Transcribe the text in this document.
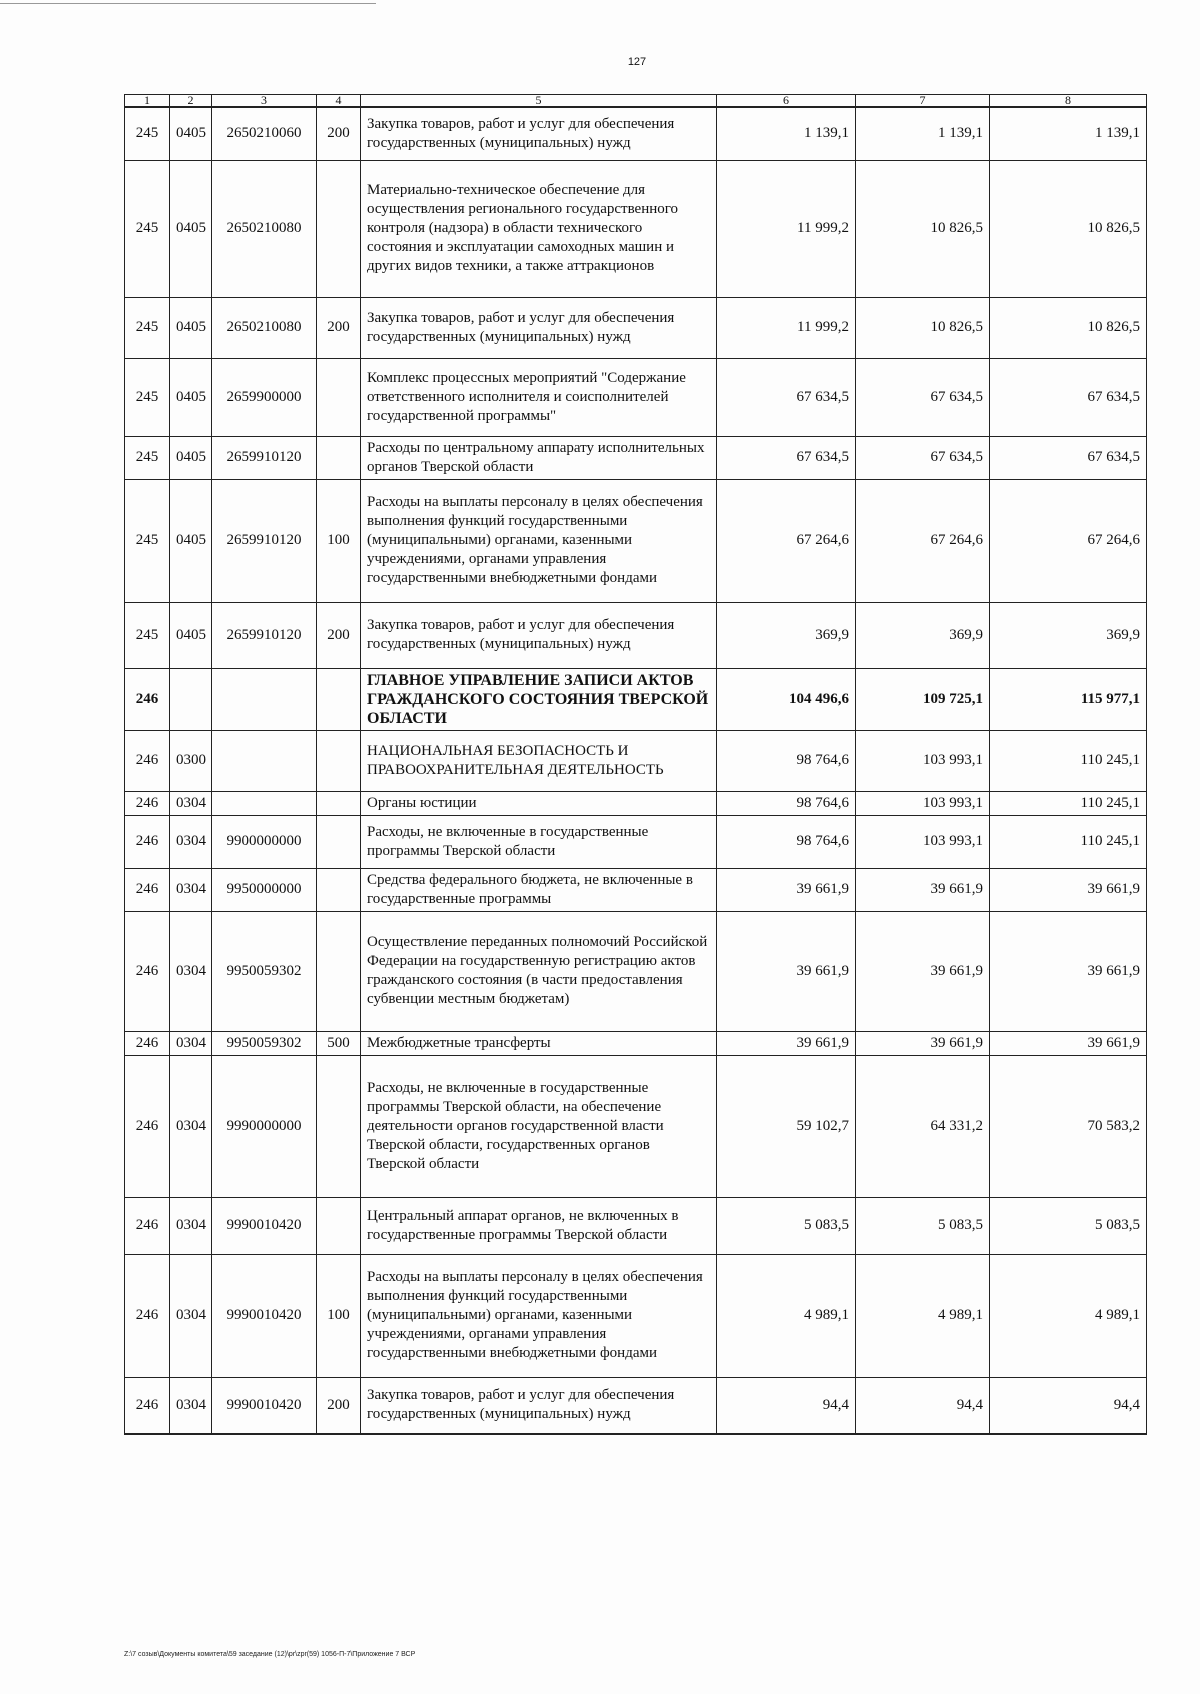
127
1	2	3	4	5	6	7	8
245	0405	2650210060	200	Закупка товаров, работ и услуг для обеспечения государственных (муниципальных) нужд	1 139,1	1 139,1	1 139,1
245	0405	2650210080		Материально-техническое обеспечение для осуществления регионального государственного контроля (надзора) в области технического состояния и эксплуатации самоходных машин и других видов техники, а также аттракционов	11 999,2	10 826,5	10 826,5
245	0405	2650210080	200	Закупка товаров, работ и услуг для обеспечения государственных (муниципальных) нужд	11 999,2	10 826,5	10 826,5
245	0405	2659900000		Комплекс процессных мероприятий "Содержание ответственного исполнителя и соисполнителей государственной программы"	67 634,5	67 634,5	67 634,5
245	0405	2659910120		Расходы по центральному аппарату исполнительных органов Тверской области	67 634,5	67 634,5	67 634,5
245	0405	2659910120	100	Расходы на выплаты персоналу в целях обеспечения выполнения функций государственными (муниципальными) органами, казенными учреждениями, органами управления государственными внебюджетными фондами	67 264,6	67 264,6	67 264,6
245	0405	2659910120	200	Закупка товаров, работ и услуг для обеспечения государственных (муниципальных) нужд	369,9	369,9	369,9
246				ГЛАВНОЕ УПРАВЛЕНИЕ ЗАПИСИ АКТОВ ГРАЖДАНСКОГО СОСТОЯНИЯ ТВЕРСКОЙ ОБЛАСТИ	104 496,6	109 725,1	115 977,1
246	0300			НАЦИОНАЛЬНАЯ БЕЗОПАСНОСТЬ И ПРАВООХРАНИТЕЛЬНАЯ ДЕЯТЕЛЬНОСТЬ	98 764,6	103 993,1	110 245,1
246	0304			Органы юстиции	98 764,6	103 993,1	110 245,1
246	0304	9900000000		Расходы, не включенные в государственные программы Тверской области	98 764,6	103 993,1	110 245,1
246	0304	9950000000		Средства федерального бюджета, не включенные в государственные программы	39 661,9	39 661,9	39 661,9
246	0304	9950059302		Осуществление переданных полномочий Российской Федерации на государственную регистрацию актов гражданского состояния (в части предоставления субвенции местным бюджетам)	39 661,9	39 661,9	39 661,9
246	0304	9950059302	500	Межбюджетные трансферты	39 661,9	39 661,9	39 661,9
246	0304	9990000000		Расходы, не включенные в государственные программы Тверской области, на обеспечение деятельности органов государственной власти Тверской области, государственных органов Тверской области	59 102,7	64 331,2	70 583,2
246	0304	9990010420		Центральный аппарат органов, не включенных в государственные программы Тверской области	5 083,5	5 083,5	5 083,5
246	0304	9990010420	100	Расходы на выплаты персоналу в целях обеспечения выполнения функций государственными (муниципальными) органами, казенными учреждениями, органами управления государственными внебюджетными фондами	4 989,1	4 989,1	4 989,1
246	0304	9990010420	200	Закупка товаров, работ и услуг для обеспечения государственных (муниципальных) нужд	94,4	94,4	94,4
Z:\7 созыв\Документы комитета\59 заседание (12)\pr\zpr(59) 1056-П-7\Приложение 7 ВСР
